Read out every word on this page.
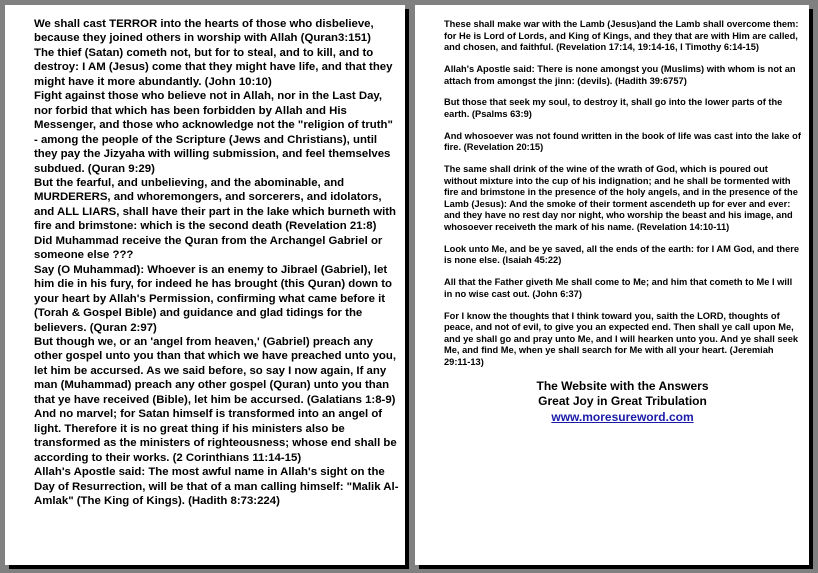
We shall cast TERROR into the hearts of those who disbelieve, because they joined others in worship with Allah (Quran3:151)

The thief (Satan) cometh not, but for to steal, and to kill, and to destroy: I AM (Jesus) come that they might have life, and that they might have it more abundantly. (John 10:10)

Fight against those who believe not in Allah, nor in the Last Day, nor forbid that which has been forbidden by Allah and His Messenger, and those who acknowledge not the "religion of truth" - among the people of the Scripture (Jews and Christians), until they pay the Jizyaha with willing submission, and feel themselves subdued. (Quran 9:29)

But the fearful, and unbelieving, and the abominable, and MURDERERS, and whoremongers, and sorcerers, and idolators, and ALL LIARS, shall have their part in the lake which burneth with fire and brimstone: which is the second death (Revelation 21:8)

Did Muhammad receive the Quran from the Archangel Gabriel or someone else ???

Say (O Muhammad): Whoever is an enemy to Jibrael (Gabriel), let him die in his fury, for indeed he has brought (this Quran) down to your heart by Allah's Permission, confirming what came before it (Torah & Gospel Bible) and guidance and glad tidings for the believers. (Quran 2:97)

But though we, or an 'angel from heaven,' (Gabriel) preach any other gospel unto you than that which we have preached unto you, let him be accursed. As we said before, so say I now again, If any man (Muhammad) preach any other gospel (Quran) unto you than that ye have received (Bible), let him be accursed. (Galatians 1:8-9)

And no marvel; for Satan himself is transformed into an angel of light. Therefore it is no great thing if his ministers also be transformed as the ministers of righteousness; whose end shall be according to their works. (2 Corinthians 11:14-15)

Allah's Apostle said: The most awful name in Allah's sight on the Day of Resurrection, will be that of a man calling himself: "Malik Al-Amlak" (The King of Kings). (Hadith 8:73:224)

These shall make war with the Lamb (Jesus)and the Lamb shall overcome them: for He is Lord of Lords, and King of Kings, and they that are with Him are called, and chosen, and faithful. (Revelation 17:14, 19:14-16, I Timothy 6:14-15)

Allah's Apostle said: There is none amongst you (Muslims) with whom is not an attach from amongst the jinn: (devils). (Hadith 39:6757)

But those that seek my soul, to destroy it, shall go into the lower parts of the earth. (Psalms 63:9)

And whosoever was not found written in the book of life was cast into the lake of fire. (Revelation 20:15)

The same shall drink of the wine of the wrath of God, which is poured out without mixture into the cup of his indignation; and he shall be tormented with fire and brimstone in the presence of the holy angels, and in the presence of the Lamb (Jesus): And the smoke of their torment ascendeth up for ever and ever: and they have no rest day nor night, who worship the beast and his image, and whosoever receiveth the mark of his name. (Revelation 14:10-11)

Look unto Me, and be ye saved, all the ends of the earth: for I AM God, and there is none else. (Isaiah 45:22)

All that the Father giveth Me shall come to Me; and him that cometh to Me I will in no wise cast out. (John 6:37)

For I know the thoughts that I think toward you, saith the LORD, thoughts of peace, and not of evil, to give you an expected end. Then shall ye call upon Me, and ye shall go and pray unto Me, and I will hearken unto you. And ye shall seek Me, and find Me, when ye shall search for Me with all your heart. (Jeremiah 29:11-13)

The Website with the Answers
Great Joy in Great Tribulation
www.moresureword.com
